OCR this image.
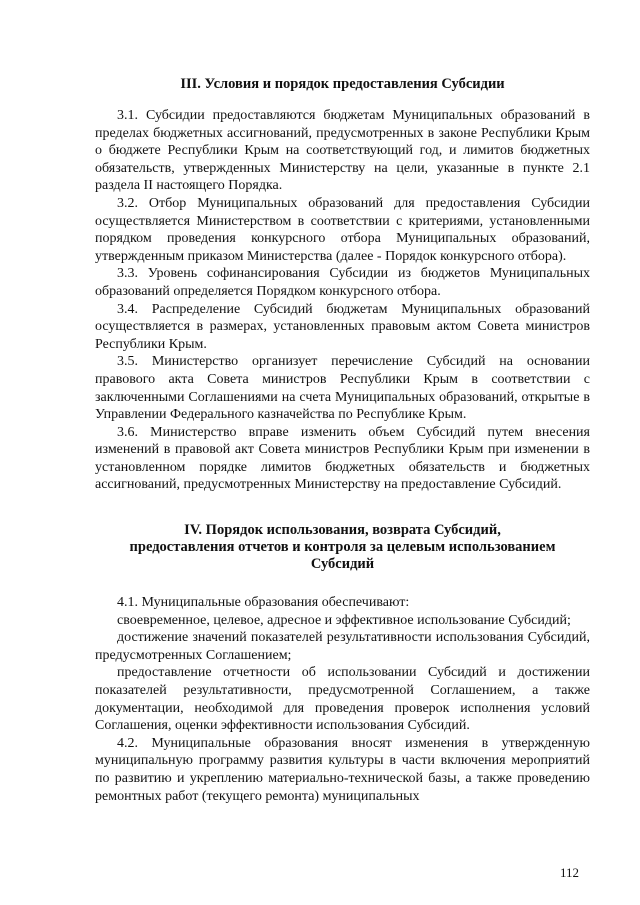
III. Условия и порядок предоставления Субсидии

3.1. Субсидии предоставляются бюджетам Муниципальных образований в пределах бюджетных ассигнований, предусмотренных в законе Республики Крым о бюджете Республики Крым на соответствующий год, и лимитов бюджетных обязательств, утвержденных Министерству на цели, указанные в пункте 2.1 раздела II настоящего Порядка.

3.2. Отбор Муниципальных образований для предоставления Субсидии осуществляется Министерством в соответствии с критериями, установленными порядком проведения конкурсного отбора Муниципальных образований, утвержденным приказом Министерства (далее - Порядок конкурсного отбора).

3.3. Уровень софинансирования Субсидии из бюджетов Муниципальных образований определяется Порядком конкурсного отбора.

3.4. Распределение Субсидий бюджетам Муниципальных образований осуществляется в размерах, установленных правовым актом Совета министров Республики Крым.

3.5. Министерство организует перечисление Субсидий на основании правового акта Совета министров Республики Крым в соответствии с заключенными Соглашениями на счета Муниципальных образований, открытые в Управлении Федерального казначейства по Республике Крым.

3.6. Министерство вправе изменить объем Субсидий путем внесения изменений в правовой акт Совета министров Республики Крым при изменении в установленном порядке лимитов бюджетных обязательств и бюджетных ассигнований, предусмотренных Министерству на предоставление Субсидий.

IV. Порядок использования, возврата Субсидий,
предоставления отчетов и контроля за целевым использованием
Субсидий

4.1. Муниципальные образования обеспечивают:

своевременное, целевое, адресное и эффективное использование Субсидий;

достижение значений показателей результативности использования Субсидий, предусмотренных Соглашением;

предоставление отчетности об использовании Субсидий и достижении показателей результативности, предусмотренной Соглашением, а также документации, необходимой для проведения проверок исполнения условий Соглашения, оценки эффективности использования Субсидий.

4.2. Муниципальные образования вносят изменения в утвержденную муниципальную программу развития культуры в части включения мероприятий по развитию и укреплению материально-технической базы, а также проведению ремонтных работ (текущего ремонта) муниципальных

112
